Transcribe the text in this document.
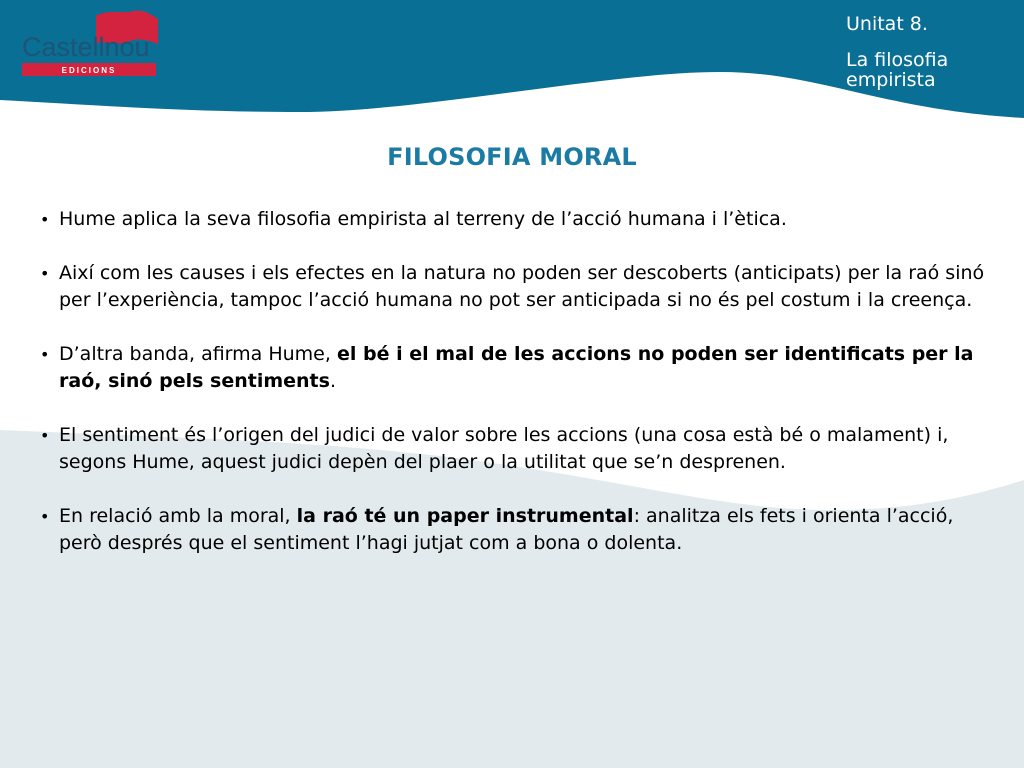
Castellnou
EDICIONS
Unitat 8.
La filosofia empirista
FILOSOFIA MORAL
• Hume aplica la seva filosofia empirista al terreny de l’acció humana i l’ètica.
• Així com les causes i els efectes en la natura no poden ser descoberts (anticipats) per la raó sinó per l’experiència, tampoc l’acció humana no pot ser anticipada si no és pel costum i la creença.
• D’altra banda, afirma Hume, el bé i el mal de les accions no poden ser identificats per la raó, sinó pels sentiments.
• El sentiment és l’origen del judici de valor sobre les accions (una cosa està bé o malament) i, segons Hume, aquest judici depèn del plaer o la utilitat que se’n desprenen.
• En relació amb la moral, la raó té un paper instrumental: analitza els fets i orienta l’acció, però després que el sentiment l’hagi jutjat com a bona o dolenta.
